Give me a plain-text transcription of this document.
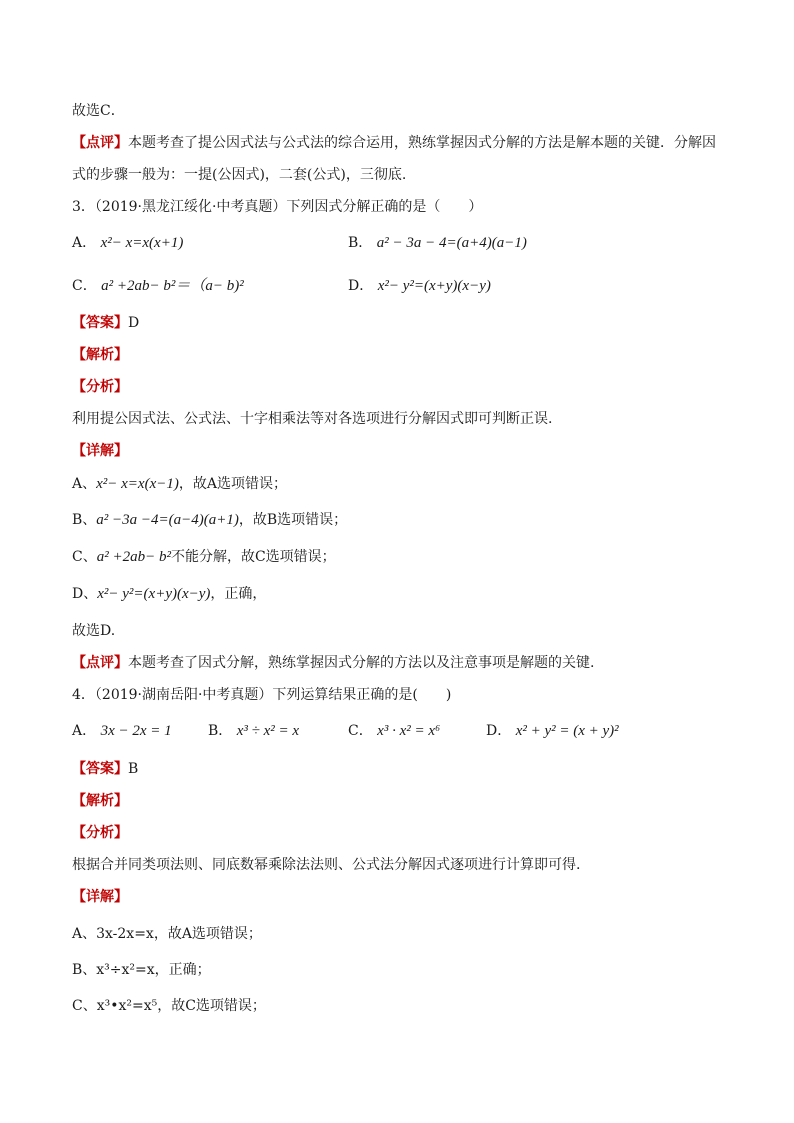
故选C．
【点评】本题考查了提公因式法与公式法的综合运用，熟练掌握因式分解的方法是解本题的关键．分解因
式的步骤一般为：一提(公因式)，二套(公式)，三彻底.
3．（2019·黑龙江绥化·中考真题）下列因式分解正确的是（　　）
A． x²− x=x(x+1)	B． a² − 3a − 4=(a+4)(a−1)
C． a² +2ab− b²＝（a− b)²	D． x²− y²=(x+y)(x−y)
【答案】D
【解析】
【分析】
利用提公因式法、公式法、十字相乘法等对各选项进行分解因式即可判断正误.
【详解】
A、x²− x=x(x−1)，故A选项错误；
B、a² −3a −4=(a−4)(a+1)，故B选项错误；
C、a² +2ab− b²不能分解，故C选项错误；
D、x²− y²=(x+y)(x−y)，正确，
故选D.
【点评】本题考查了因式分解，熟练掌握因式分解的方法以及注意事项是解题的关键.
4．（2019·湖南岳阳·中考真题）下列运算结果正确的是(　　)
A． 3x − 2x = 1	B． x³ ÷ x² = x	C． x³ · x² = x⁶	D． x² + y² = (x + y)²
【答案】B
【解析】
【分析】
根据合并同类项法则、同底数幂乘除法法则、公式法分解因式逐项进行计算即可得.
【详解】
A、3x-2x=x，故A选项错误；
B、x³÷x²=x，正确；
C、x³•x²=x⁵，故C选项错误；
